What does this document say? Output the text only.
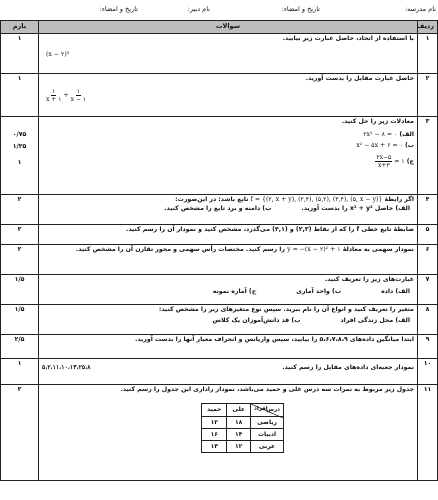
نام مدرسه:
تاریخ و امضاء:
نام دبیر:
تاریخ و امضاء:
ردیف	سوالات	بارم
۱	
با استفاده از اتحاد، حاصل عبارت زیر بیابید.
(x − ۲)³
	۱
۲	
حاصل عبارت مقابل را بدست آورید.
$\frac{۱}{x + ۱} + \frac{۱}{x - ۱}$
	۱
۳	
معادلات زیر را حل کنید.
الف) ۲x² − ۸ = ۰
ب) x² − ۵x + ۶ = ۰
ج)
$\frac{۲x-۵}{x+۳}$ = ۱

۰/۷۵
۱/۲۵
۱

۴	اگر رابطهٔ f = {(۲, x + y), (۲,۴), (۵,۲), (۳,۴), (۵, x − y)} تابع باشد: در این‌صورت:
الف) حاصل x² + y² را بدست آورید.
ب) دامنه و برد تابع را مشخص کنید.
	۲
۵	ضابطهٔ تابع خطی f را که از نقاط (۲,۳) و (۴,۱) می‌گذرد، مشخص کنید و نمودار آن را رسم کنید.	۲
۶	نمودار سهمی به معادلهٔ y = −(x − ۲)² + ۱ را رسم کنید. مختصات رأس سهمی و محور تقارن آن را مشخص کنید.	۲
۷	
عبارت‌های زیر را تعریف کنید.
الف) داده
ب) واحد آماری
ج) آماره نمونه
	۱/۵
۸	
متغیر را تعریف کنید و انواع آن را نام ببرید. سپس نوع متغیرهای زیر را مشخص کنید:
الف) محل زندگی افراد
ب) قد دانش‌آموزان یک کلاس
	۱/۵
۹	ابتدا میانگین داده‌های ۵،۶،۷،۸،۹ را بیابید، سپس واریانس و انحراف معیار آنها را بدست آورید.	۲/۵
۱۰	
نمودار جعبه‌ای داده‌های مقابل را رسم کنید.
۵،۲،۱۱،۱۰،۱۳،۲۵،۸
	۱
۱۱	
جدول زیر مربوط به نمرات سه درس علی و حمید می‌باشد، نمودار راداری این جدول را رسم کنید.
افراد
درس
	علی	حمید
ریاضی	۱۸	۱۲
ادبیات	۱۴	۱۶
عربی	۱۲	۱۴
	۲
